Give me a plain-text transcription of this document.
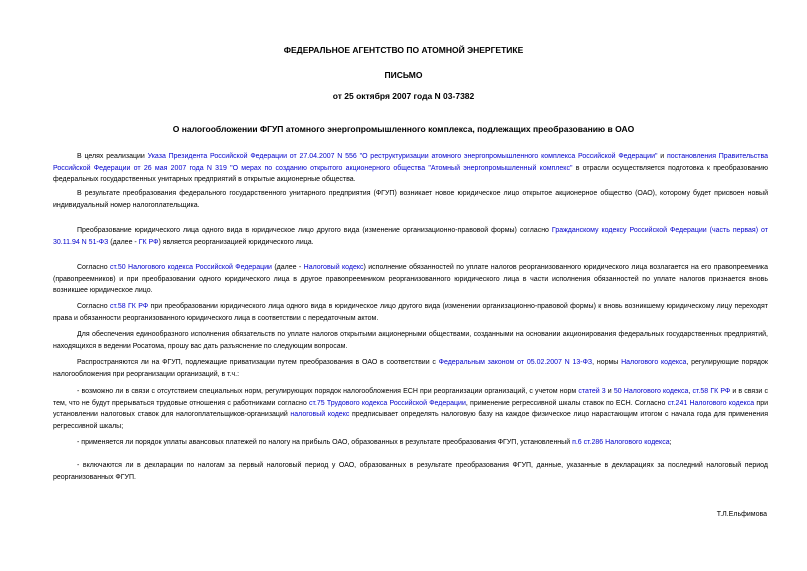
ФЕДЕРАЛЬНОЕ АГЕНТСТВО ПО АТОМНОЙ ЭНЕРГЕТИКЕ
ПИСЬМО
от 25 октября 2007 года N 03-7382
О налогообложении ФГУП атомного энергопромышленного комплекса, подлежащих преобразованию в ОАО

В целях реализации Указа Президента Российской Федерации от 27.04.2007 N 556 "О реструктуризации атомного энергопромышленного комплекса Российской Федерации" и постановления Правительства Российской Федерации от 26 мая 2007 года N 319 "О мерах по созданию открытого акционерного общества "Атомный энергопромышленный комплекс" в отрасли осуществляется подготовка к преобразованию федеральных государственных унитарных предприятий в открытые акционерные общества.

В результате преобразования федерального государственного унитарного предприятия (ФГУП) возникает новое юридическое лицо открытое акционерное общество (ОАО), которому будет присвоен новый индивидуальный номер налогоплательщика.

Преобразование юридического лица одного вида в юридическое лицо другого вида (изменение организационно-правовой формы) согласно Гражданскому кодексу Российской Федерации (часть первая) от 30.11.94 N 51-ФЗ (далее - ГК РФ) является реорганизацией юридического лица.

Согласно ст.50 Налогового кодекса Российской Федерации (далее - Налоговый кодекс) исполнение обязанностей по уплате налогов реорганизованного юридического лица возлагается на его правопреемника (правопреемников) и при преобразовании одного юридического лица в другое правопреемником реорганизованного юридического лица в части исполнения обязанностей по уплате налогов признается вновь возникшее юридическое лицо.

Согласно ст.58 ГК РФ при преобразовании юридического лица одного вида в юридическое лицо другого вида (изменении организационно-правовой формы) к вновь возникшему юридическому лицу переходят права и обязанности реорганизованного юридического лица в соответствии с передаточным актом.

Для обеспечения единообразного исполнения обязательств по уплате налогов открытыми акционерными обществами, созданными на основании акционирования федеральных государственных предприятий, находящихся в ведении Росатома, прошу вас дать разъяснение по следующим вопросам.

Распространяются ли на ФГУП, подлежащие приватизации путем преобразования в ОАО в соответствии с Федеральным законом от 05.02.2007 N 13-ФЗ, нормы Налогового кодекса, регулирующие порядок налогообложения при реорганизации организаций, в т.ч.:

- возможно ли в связи с отсутствием специальных норм, регулирующих порядок налогообложения ЕСН при реорганизации организаций, с учетом норм статей 3 и 50 Налогового кодекса, ст.58 ГК РФ и в связи с тем, что не будут прерываться трудовые отношения с работниками согласно ст.75 Трудового кодекса Российской Федерации, применение регрессивной шкалы ставок по ЕСН. Согласно ст.241 Налогового кодекса при установлении налоговых ставок для налогоплательщиков-организаций налоговый кодекс предписывает определять налоговую базу на каждое физическое лицо нарастающим итогом с начала года для применения регрессивной шкалы;

- применяется ли порядок уплаты авансовых платежей по налогу на прибыль ОАО, образованных в результате преобразования ФГУП, установленный п.6 ст.286 Налогового кодекса;

- включаются ли в декларации по налогам за первый налоговый период у ОАО, образованных в результате преобразования ФГУП, данные, указанные в декларациях за последний налоговый период реорганизованных ФГУП.

Т.Л.Ельфимова
